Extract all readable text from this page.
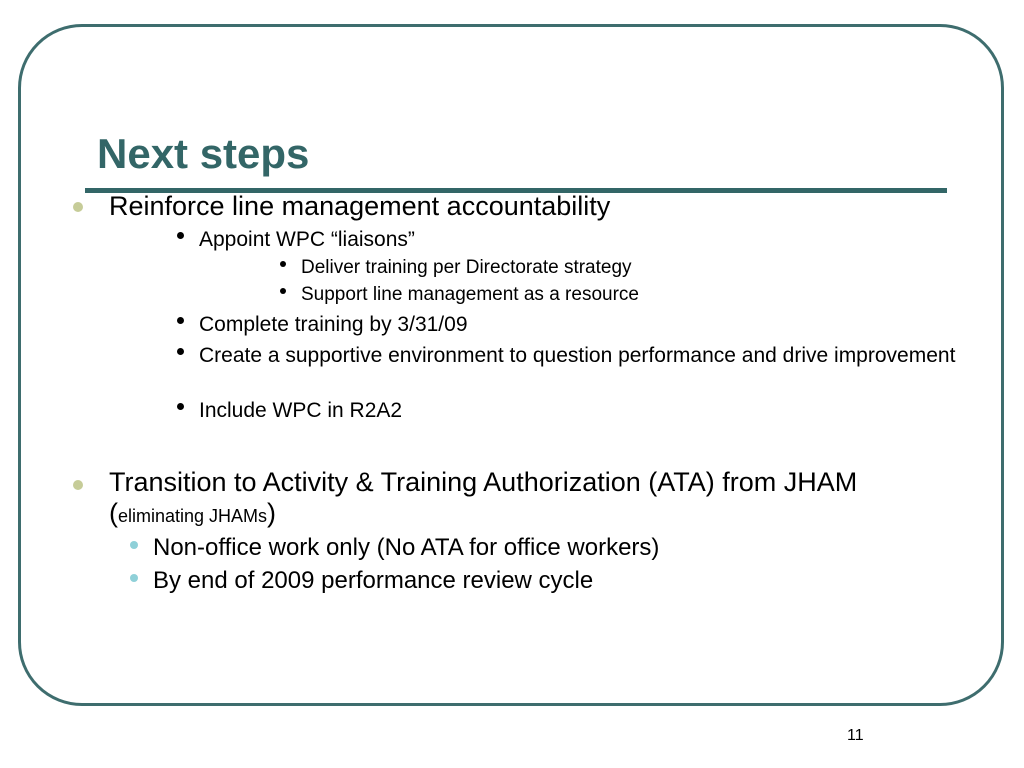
Next steps
Reinforce line management accountability
Appoint WPC “liaisons”
Deliver training per Directorate strategy
Support line management as a resource
Complete training by 3/31/09
Create a supportive environment to question performance and drive improvement
Include WPC in R2A2
Transition to Activity & Training Authorization (ATA) from JHAM
(eliminating JHAMs)
Non-office work only (No ATA for office workers)
By end of 2009 performance review cycle
11
